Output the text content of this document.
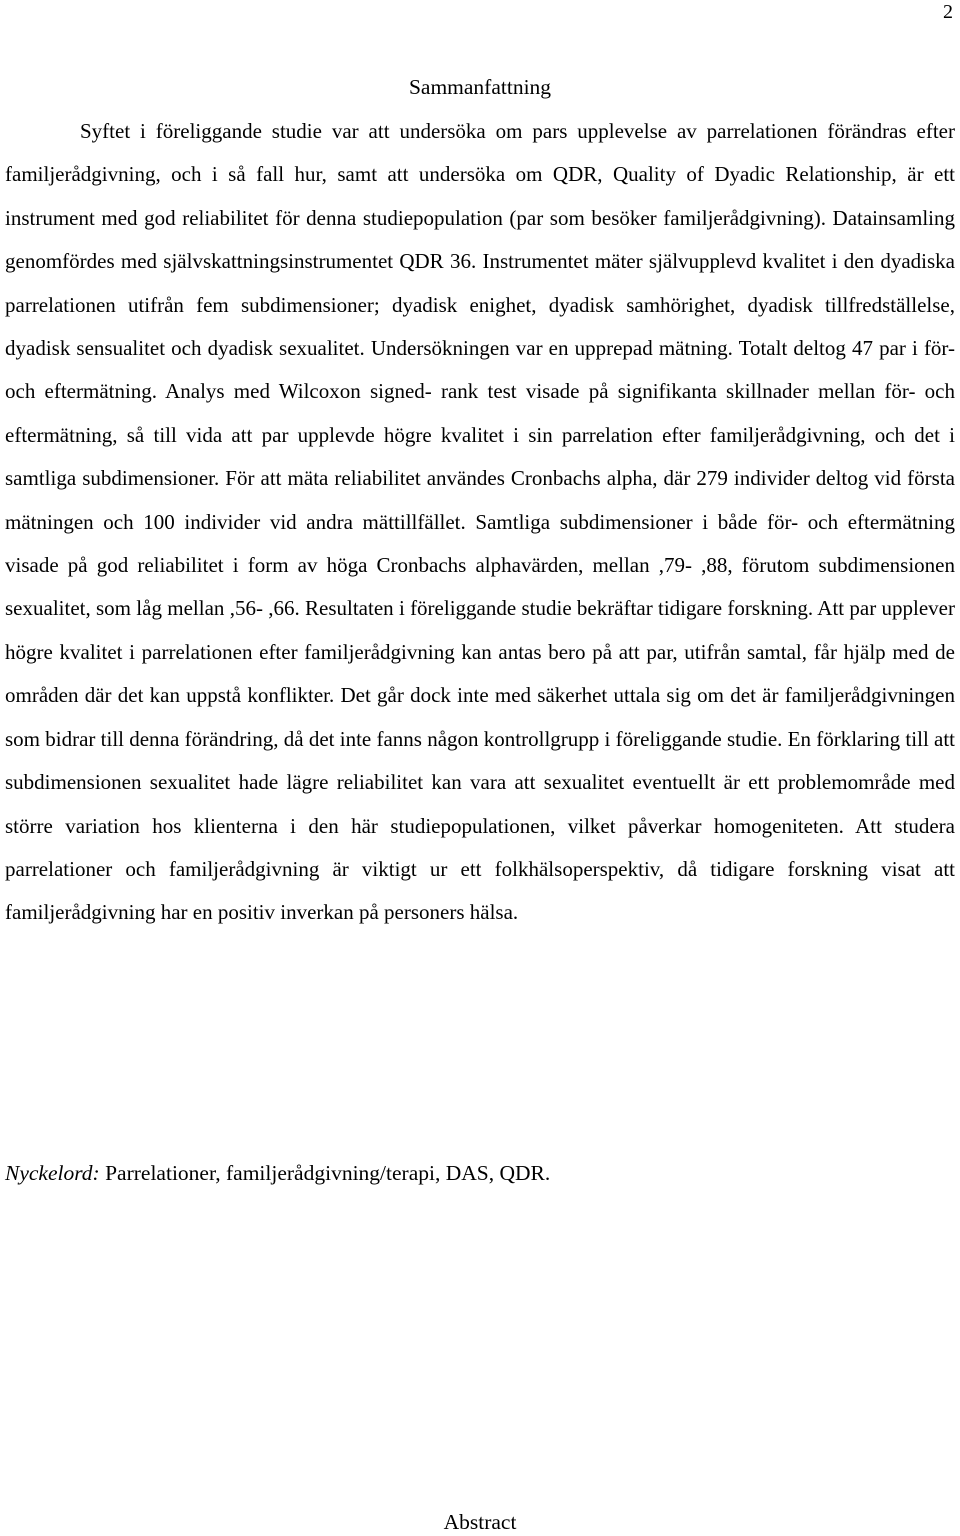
2
Sammanfattning

Syftet i föreliggande studie var att undersöka om pars upplevelse av parrelationen förändras efter familjerådgivning, och i så fall hur, samt att undersöka om QDR, Quality of Dyadic Relationship, är ett instrument med god reliabilitet för denna studiepopulation (par som besöker familjerådgivning). Datainsamling genomfördes med självskattningsinstrumentet QDR 36. Instrumentet mäter självupplevd kvalitet i den dyadiska parrelationen utifrån fem subdimensioner; dyadisk enighet, dyadisk samhörighet, dyadisk tillfredställelse, dyadisk sensualitet och dyadisk sexualitet. Undersökningen var en upprepad mätning. Totalt deltog 47 par i för- och eftermätning. Analys med Wilcoxon signed- rank test visade på signifikanta skillnader mellan för- och eftermätning, så till vida att par upplevde högre kvalitet i sin parrelation efter familjerådgivning, och det i samtliga subdimensioner. För att mäta reliabilitet användes Cronbachs alpha, där 279 individer deltog vid första mätningen och 100 individer vid andra mättillfället. Samtliga subdimensioner i både för- och eftermätning visade på god reliabilitet i form av höga Cronbachs alphavärden, mellan ,79- ,88, förutom subdimensionen sexualitet, som låg mellan ,56- ,66. Resultaten i föreliggande studie bekräftar tidigare forskning. Att par upplever högre kvalitet i parrelationen efter familjerådgivning kan antas bero på att par, utifrån samtal, får hjälp med de områden där det kan uppstå konflikter. Det går dock inte med säkerhet uttala sig om det är familjerådgivningen som bidrar till denna förändring, då det inte fanns någon kontrollgrupp i föreliggande studie. En förklaring till att subdimensionen sexualitet hade lägre reliabilitet kan vara att sexualitet eventuellt är ett problemområde med större variation hos klienterna i den här studiepopulationen, vilket påverkar homogeniteten. Att studera parrelationer och familjerådgivning är viktigt ur ett folkhälsoperspektiv, då tidigare forskning visat att familjerådgivning har en positiv inverkan på personers hälsa.

Nyckelord: Parrelationer, familjerådgivning/terapi, DAS, QDR.

Abstract
